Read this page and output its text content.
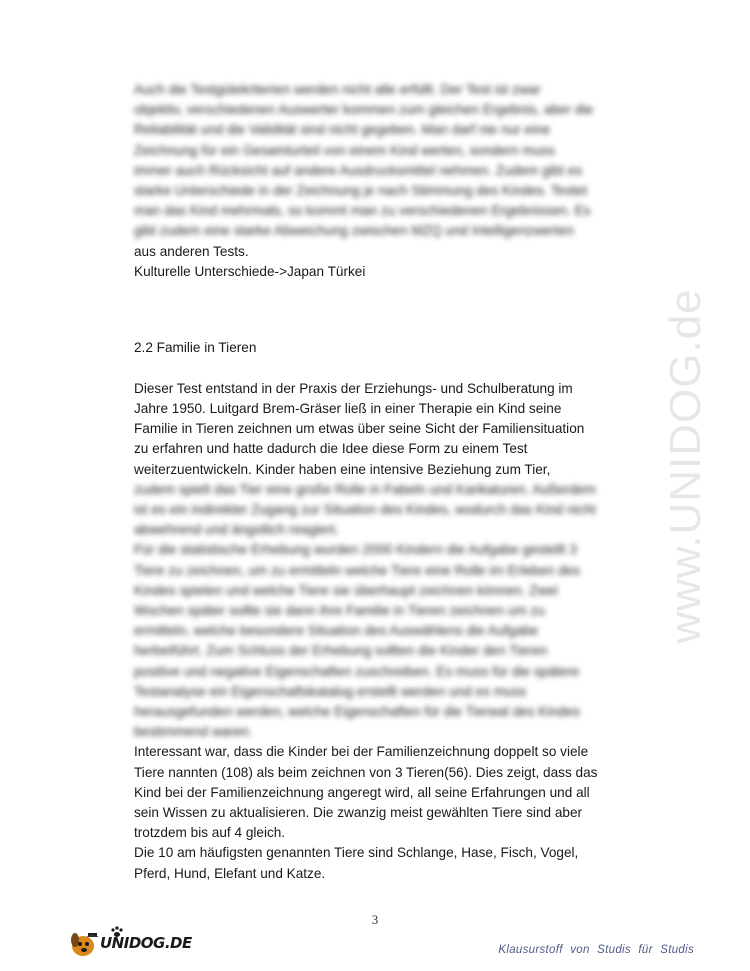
www.UNIDOG.de
Auch die Testgütekriterien werden nicht alle erfüllt. Der Test ist zwar
objektiv, verschiedenen Auswerter kommen zum gleichen Ergebnis, aber die
Reliabilität und die Validität sind nicht gegeben. Man darf nie nur eine
Zeichnung für ein Gesamturteil von einem Kind werten, sondern muss
immer auch Rücksicht auf andere Ausdrucksmittel nehmen. Zudem gibt es
starke Unterschiede in der Zeichnung je nach Stimmung des Kindes. Testet
man das Kind mehrmals, so kommt man zu verschiedenen Ergebnissen. Es
gibt zudem eine starke Abweichung zwischen MZQ und Intelligenzwerten
aus anderen Tests.
Kulturelle Unterschiede->Japan Türkei
2.2 Familie in Tieren
Dieser Test entstand in der Praxis der Erziehungs- und Schulberatung im
Jahre 1950. Luitgard Brem-Gräser ließ in einer Therapie ein Kind seine
Familie in Tieren zeichnen um etwas über seine Sicht der Familiensituation
zu erfahren und hatte dadurch die Idee diese Form zu einem Test
weiterzuentwickeln. Kinder haben eine intensive Beziehung zum Tier,
zudem spielt das Tier eine große Rolle in Fabeln und Karikaturen. Außerdem
ist es ein indirekter Zugang zur Situation des Kindes, wodurch das Kind nicht
abwehrend und ängstlich reagiert.
Für die statistische Erhebung wurden 2000 Kindern die Aufgabe gestellt 3
Tiere zu zeichnen, um zu ermitteln welche Tiere eine Rolle im Erleben des
Kindes spielen und welche Tiere sie überhaupt zeichnen können. Zwei
Wochen später sollte sie dann ihre Familie in Tieren zeichnen um zu
ermitteln, welche besondere Situation des Auswählens die Aufgabe
herbeiführt. Zum Schluss der Erhebung sollten die Kinder den Tieren
positive und negative Eigenschaften zuschreiben. Es muss für die spätere
Testanalyse ein Eigenschaftskatalog erstellt werden und es muss
herausgefunden werden, welche Eigenschaften für die Tierwal des Kindes
bestimmend waren.
Interessant war, dass die Kinder bei der Familienzeichnung doppelt so viele
Tiere nannten (108) als beim zeichnen von 3 Tieren(56). Dies zeigt, dass das
Kind bei der Familienzeichnung angeregt wird, all seine Erfahrungen und all
sein Wissen zu aktualisieren. Die zwanzig meist gewählten Tiere sind aber
trotzdem bis auf 4 gleich.
Die 10 am häufigsten genannten Tiere sind Schlange, Hase, Fisch, Vogel,
Pferd, Hund, Elefant und Katze.
3
UNIDOG.DE	Klausurstoff von Studis für Studis
